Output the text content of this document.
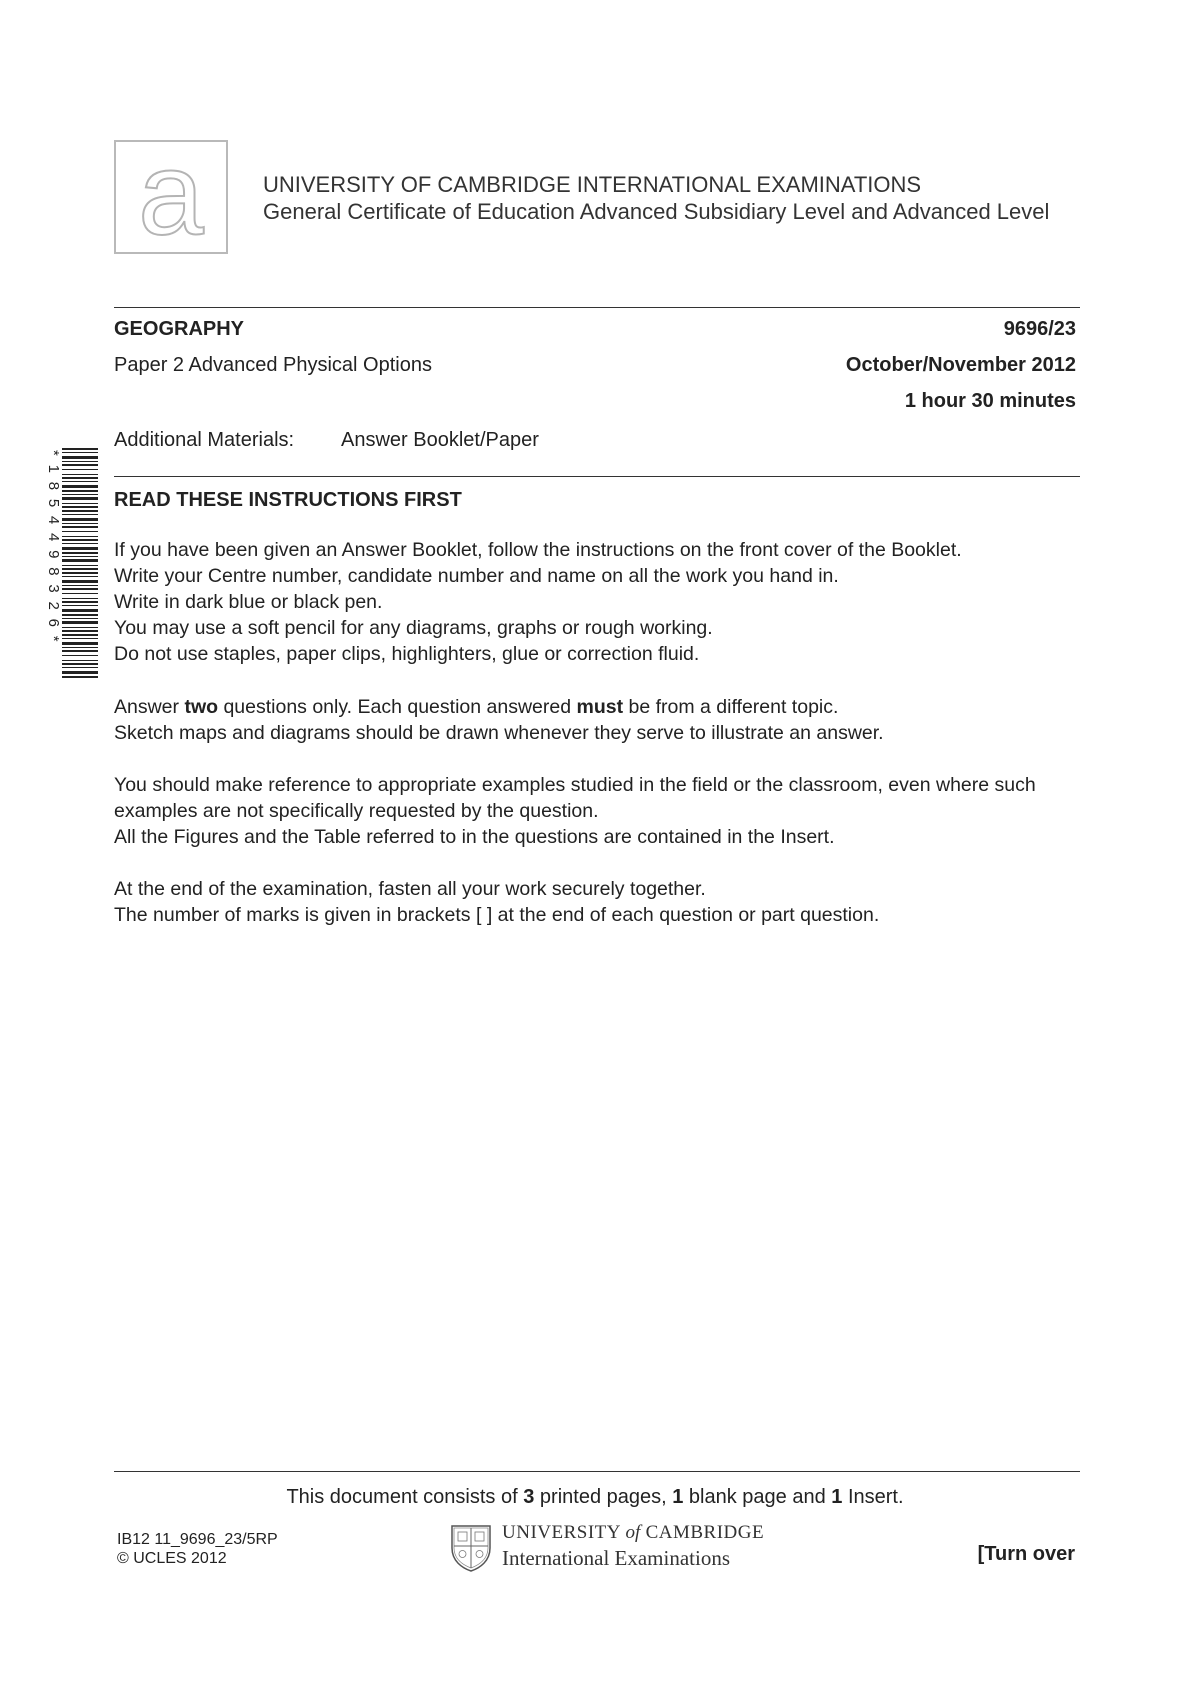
a	UNIVERSITY OF CAMBRIDGE INTERNATIONAL EXAMINATIONS
General Certificate of Education Advanced Subsidiary Level and Advanced Level
GEOGRAPHY	9696/23
Paper 2 Advanced Physical Options	October/November 2012
1 hour 30 minutes
Additional Materials: Answer Booklet/Paper
* 1 8 5 4 4 9 8 3 2 6 *	READ THESE INSTRUCTIONS FIRST

If you have been given an Answer Booklet, follow the instructions on the front cover of the Booklet.

Write your Centre number, candidate number and name on all the work you hand in.

Write in dark blue or black pen.

You may use a soft pencil for any diagrams, graphs or rough working.

Do not use staples, paper clips, highlighters, glue or correction fluid.

Answer two questions only. Each question answered must be from a different topic.

Sketch maps and diagrams should be drawn whenever they serve to illustrate an answer.

You should make reference to appropriate examples studied in the field or the classroom, even where such examples are not specifically requested by the question.

All the Figures and the Table referred to in the questions are contained in the Insert.

At the end of the examination, fasten all your work securely together.

The number of marks is given in brackets [ ] at the end of each question or part question.

This document consists of 3 printed pages, 1 blank page and 1 Insert.
IB12 11_9696_23/5RP
© UCLES 2012
UNIVERSITY of CAMBRIDGE
International Examinations	[Turn over
